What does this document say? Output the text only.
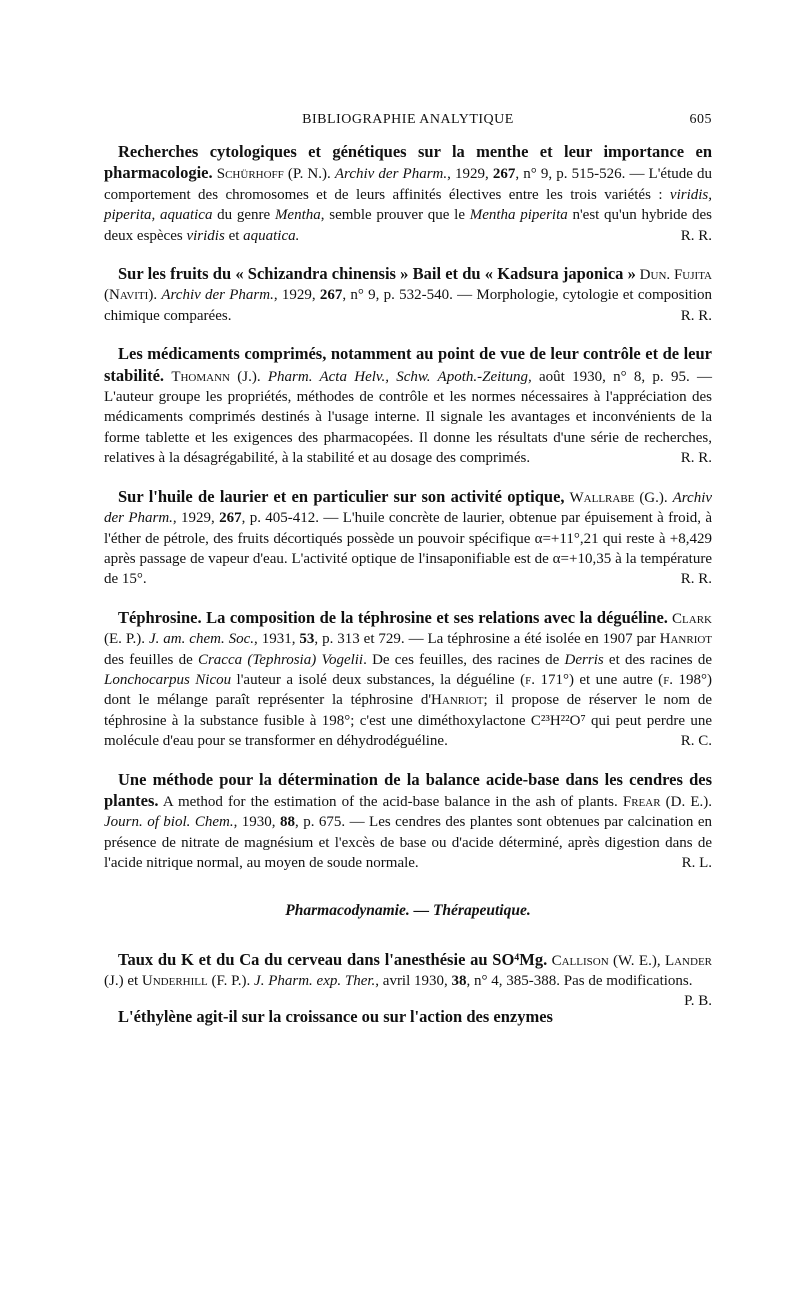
BIBLIOGRAPHIE ANALYTIQUE	605

Recherches cytologiques et génétiques sur la menthe et leur importance en pharmacologie. Schürhoff (P. N.). Archiv der Pharm., 1929, 267, n° 9, p. 515-526. — L'étude du comportement des chromosomes et de leurs affinités électives entre les trois variétés : viridis, piperita, aquatica du genre Mentha, semble prouver que le Mentha piperita n'est qu'un hybride des deux espèces viridis et aquatica.	R. R.

Sur les fruits du « Schizandra chinensis » Bail et du « Kadsura japonica » Dun. Fujita (Naviti). Archiv der Pharm., 1929, 267, n° 9, p. 532-540. — Morphologie, cytologie et composition chimique comparées.	R. R.

Les médicaments comprimés, notamment au point de vue de leur contrôle et de leur stabilité. Thomann (J.). Pharm. Acta Helv., Schw. Apoth.-Zeitung, août 1930, n° 8, p. 95. — L'auteur groupe les propriétés, méthodes de contrôle et les normes nécessaires à l'appréciation des médicaments comprimés destinés à l'usage interne. Il signale les avantages et inconvénients de la forme tablette et les exigences des pharmacopées. Il donne les résultats d'une série de recherches, relatives à la désagrégabilité, à la stabilité et au dosage des comprimés.	R. R.

Sur l'huile de laurier et en particulier sur son activité optique, Wallrabe (G.). Archiv der Pharm., 1929, 267, p. 405-412. — L'huile concrète de laurier, obtenue par épuisement à froid, à l'éther de pétrole, des fruits décortiqués possède un pouvoir spécifique α=+11°,21 qui reste à +8,429 après passage de vapeur d'eau. L'activité optique de l'insaponifiable est de α=+10,35 à la température de 15°.	R. R.

Téphrosine. La composition de la téphrosine et ses relations avec la déguéline. Clark (E. P.). J. am. chem. Soc., 1931, 53, p. 313 et 729. — La téphrosine a été isolée en 1907 par Hanriot des feuilles de Cracca (Tephrosia) Vogelii. De ces feuilles, des racines de Derris et des racines de Lonchocarpus Nicou l'auteur a isolé deux substances, la déguéline (f. 171°) et une autre (f. 198°) dont le mélange paraît représenter la téphrosine d'Hanriot; il propose de réserver le nom de téphrosine à la substance fusible à 198°; c'est une diméthoxylactone C²³H²²O⁷ qui peut perdre une molécule d'eau pour se transformer en déhydrodéguéline.	R. C.

Une méthode pour la détermination de la balance acide-base dans les cendres des plantes. A method for the estimation of the acid-base balance in the ash of plants. Frear (D. E.). Journ. of biol. Chem., 1930, 88, p. 675. — Les cendres des plantes sont obtenues par calcination en présence de nitrate de magnésium et l'excès de base ou d'acide déterminé, après digestion dans de l'acide nitrique normal, au moyen de soude normale.	R. L.

Pharmacodynamie. — Thérapeutique.

Taux du K et du Ca du cerveau dans l'anesthésie au SO⁴Mg. Callison (W. E.), Lander (J.) et Underhill (F. P.). J. Pharm. exp. Ther., avril 1930, 38, n° 4, 385-388. Pas de modifications.
P. B.

L'éthylène agit-il sur la croissance ou sur l'action des enzymes
